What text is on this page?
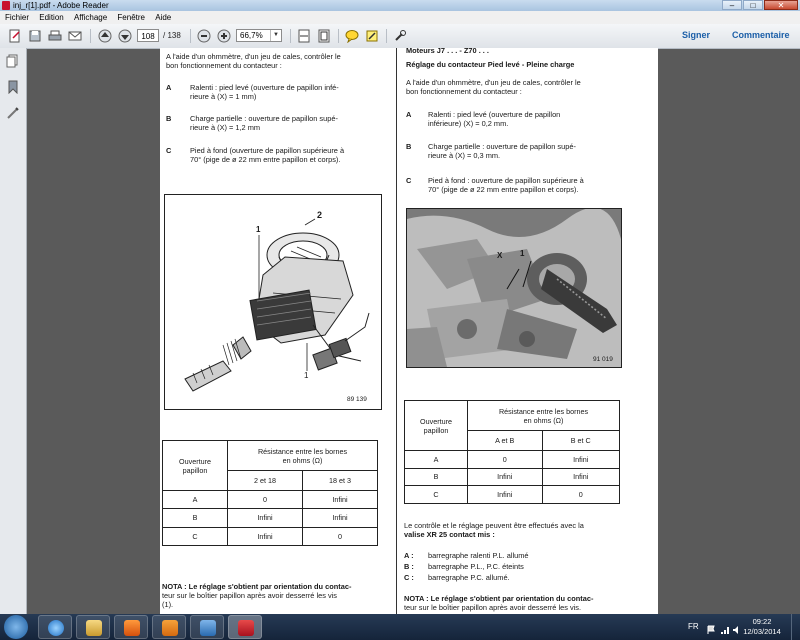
inj_r[1].pdf - Adobe Reader	–	□	✕
Fichier Edition Affichage Fenêtre Aide
108	/ 138	66,7%	▼	Signer Commentaire
A l'aide d'un ohmmètre, d'un jeu de cales, contrôler le
bon fonctionnement du contacteur :
A	Ralenti : pied levé (ouverture de papillon infé-
rieure à (X) = 1 mm)
B	Charge partielle : ouverture de papillon supé-
rieure à (X) = 1,2 mm
C	Pied à fond (ouverture de papillon supérieure à
70° (pige de ø 22 mm entre papillon et corps).
1
2
1
89 139
Ouverture
papillon	Résistance entre les bornes
en ohms (Ω)	
	2 et 18	18 et 3
A	0	Infini
B	Infini	Infini
C	Infini	0
NOTA : Le réglage s'obtient par orientation du contac-
teur sur le boîtier papillon après avoir desserré les vis
(1).
Moteurs J7 . . . - Z70 . . .
Réglage du contacteur Pied levé - Pleine charge
A l'aide d'un ohmmètre, d'un jeu de cales, contrôler le
bon fonctionnement du contacteur :
A Ralenti : pied levé (ouverture de papillon
inférieure) (X) = 0,2 mm.
B Charge partielle : ouverture de papillon supé-
rieure à (X) = 0,3 mm.
C Pied à fond : ouverture de papillon supérieure à
70° (pige de ø 22 mm entre papillon et corps).
X 1
91 019
Ouverture
papillon	Résistance entre les bornes
en ohms (Ω)	
	A et B	B et C
A	0	Infini
B	Infini	Infini
C	Infini	0
Le contrôle et le réglage peuvent être effectués avec la
valise XR 25 contact mis :
A : barregraphe ralenti P.L. allumé
B : barregraphe P.L., P.C. éteints
C : barregraphe P.C. allumé.
NOTA : Le réglage s'obtient par orientation du contac-
teur sur le boîtier papillon après avoir desserré les vis.
FR
09:22
12/03/2014
